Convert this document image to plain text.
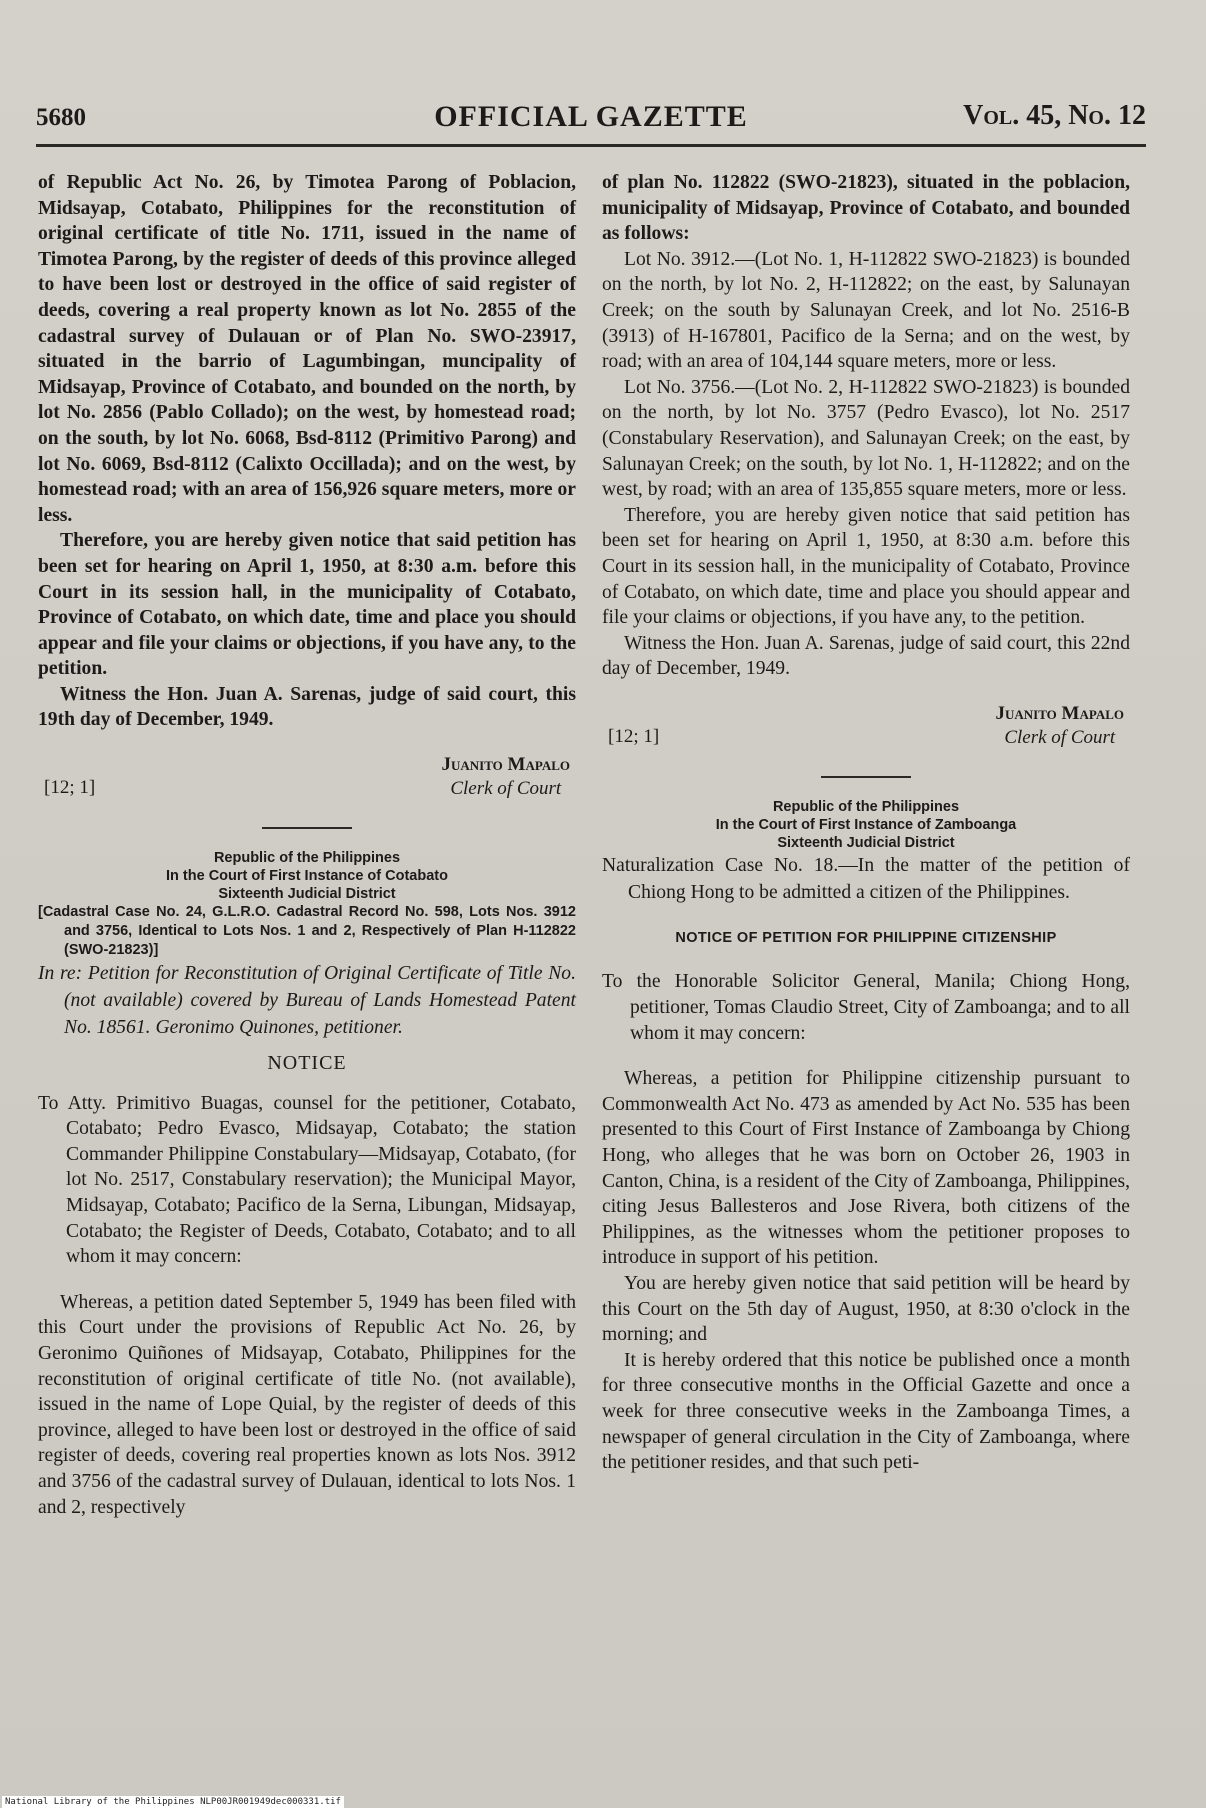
5680	OFFICIAL GAZETTE	Vol. 45, No. 12

of Republic Act No. 26, by Timotea Parong of Poblacion, Midsayap, Cotabato, Philippines for the reconstitution of original certificate of title No. 1711, issued in the name of Timotea Parong, by the register of deeds of this province alleged to have been lost or destroyed in the office of said register of deeds, covering a real property known as lot No. 2855 of the cadastral survey of Dulauan or of Plan No. SWO-23917, situated in the barrio of Lagumbingan, muncipality of Midsayap, Province of Cotabato, and bounded on the north, by lot No. 2856 (Pablo Collado); on the west, by homestead road; on the south, by lot No. 6068, Bsd-8112 (Primitivo Parong) and lot No. 6069, Bsd-8112 (Calixto Occillada); and on the west, by homestead road; with an area of 156,926 square meters, more or less.

Therefore, you are hereby given notice that said petition has been set for hearing on April 1, 1950, at 8:30 a.m. before this Court in its session hall, in the municipality of Cotabato, Province of Cotabato, on which date, time and place you should appear and file your claims or objections, if you have any, to the petition.

Witness the Hon. Juan A. Sarenas, judge of said court, this 19th day of December, 1949.

[12; 1]
Juanito Mapalo
Clerk of Court
Republic of the Philippines
In the Court of First Instance of Cotabato
Sixteenth Judicial District

[Cadastral Case No. 24, G.L.R.O. Cadastral Record No. 598, Lots Nos. 3912 and 3756, Identical to Lots Nos. 1 and 2, Respectively of Plan H-112822 (SWO-21823)]

In re: Petition for Reconstitution of Original Certificate of Title No. (not available) covered by Bureau of Lands Homestead Patent No. 18561. Geronimo Quinones, petitioner.

NOTICE

To Atty. Primitivo Buagas, counsel for the petitioner, Cotabato, Cotabato; Pedro Evasco, Midsayap, Cotabato; the station Commander Philippine Constabulary—Midsayap, Cotabato, (for lot No. 2517, Constabulary reservation); the Municipal Mayor, Midsayap, Cotabato; Pacifico de la Serna, Libungan, Midsayap, Cotabato; the Register of Deeds, Cotabato, Cotabato; and to all whom it may concern:

Whereas, a petition dated September 5, 1949 has been filed with this Court under the provisions of Republic Act No. 26, by Geronimo Quiñones of Midsayap, Cotabato, Philippines for the reconstitution of original certificate of title No. (not available), issued in the name of Lope Quial, by the register of deeds of this province, alleged to have been lost or destroyed in the office of said register of deeds, covering real properties known as lots Nos. 3912 and 3756 of the cadastral survey of Dulauan, identical to lots Nos. 1 and 2, respectively

of plan No. 112822 (SWO-21823), situated in the poblacion, municipality of Midsayap, Province of Cotabato, and bounded as follows:

Lot No. 3912.—(Lot No. 1, H-112822 SWO-21823) is bounded on the north, by lot No. 2, H-112822; on the east, by Salunayan Creek; on the south by Salunayan Creek, and lot No. 2516-B (3913) of H-167801, Pacifico de la Serna; and on the west, by road; with an area of 104,144 square meters, more or less.

Lot No. 3756.—(Lot No. 2, H-112822 SWO-21823) is bounded on the north, by lot No. 3757 (Pedro Evasco), lot No. 2517 (Constabulary Reservation), and Salunayan Creek; on the east, by Salunayan Creek; on the south, by lot No. 1, H-112822; and on the west, by road; with an area of 135,855 square meters, more or less.

Therefore, you are hereby given notice that said petition has been set for hearing on April 1, 1950, at 8:30 a.m. before this Court in its session hall, in the municipality of Cotabato, Province of Cotabato, on which date, time and place you should appear and file your claims or objections, if you have any, to the petition.

Witness the Hon. Juan A. Sarenas, judge of said court, this 22nd day of December, 1949.

[12; 1]
Juanito Mapalo
Clerk of Court
Republic of the Philippines
In the Court of First Instance of Zamboanga
Sixteenth Judicial District

Naturalization Case No. 18.—In the matter of the petition of Chiong Hong to be admitted a citizen of the Philippines.

NOTICE OF PETITION FOR PHILIPPINE CITIZENSHIP

To the Honorable Solicitor General, Manila; Chiong Hong, petitioner, Tomas Claudio Street, City of Zamboanga; and to all whom it may concern:

Whereas, a petition for Philippine citizenship pursuant to Commonwealth Act No. 473 as amended by Act No. 535 has been presented to this Court of First Instance of Zamboanga by Chiong Hong, who alleges that he was born on October 26, 1903 in Canton, China, is a resident of the City of Zamboanga, Philippines, citing Jesus Ballesteros and Jose Rivera, both citizens of the Philippines, as the witnesses whom the petitioner proposes to introduce in support of his petition.

You are hereby given notice that said petition will be heard by this Court on the 5th day of August, 1950, at 8:30 o'clock in the morning; and

It is hereby ordered that this notice be published once a month for three consecutive months in the Official Gazette and once a week for three consecutive weeks in the Zamboanga Times, a newspaper of general circulation in the City of Zamboanga, where the petitioner resides, and that such peti-

National Library of the Philippines NLP00JR001949dec000331.tif
